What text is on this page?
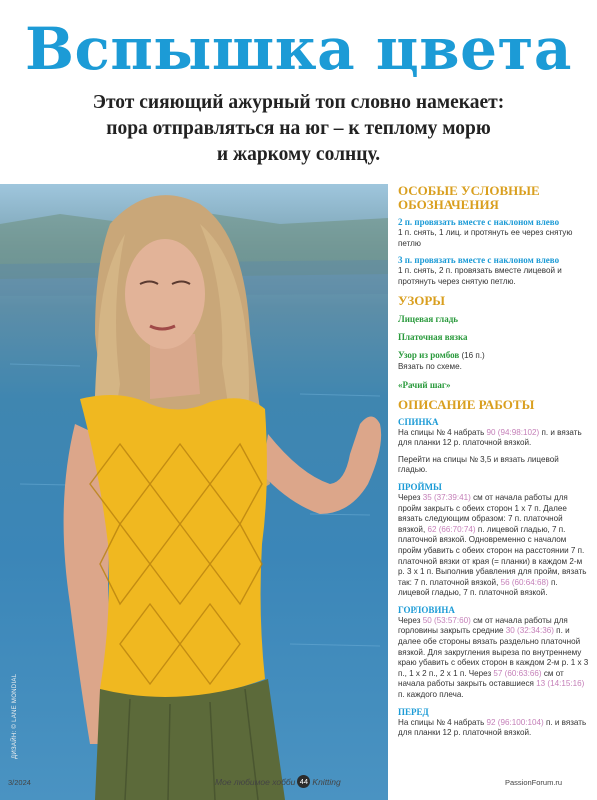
Вспышка цвета

Этот сияющий ажурный топ словно намекает:
пора отправляться на юг – к теплому морю
и жаркому солнцу.

ДИЗАЙН: © LANE MONDIAL

ОСОБЫЕ УСЛОВНЫЕ
ОБОЗНАЧЕНИЯ

2 п. провязать вместе с наклоном влево

1 п. снять, 1 лиц. и протянуть ее через снятую петлю

3 п. провязать вместе с наклоном влево

1 п. снять, 2 п. провязать вместе лицевой и протянуть через снятую петлю.

УЗОРЫ

Лицевая гладь

Платочная вязка

Узор из ромбов (16 п.)

Вязать по схеме.

«Рачий шаг»

ОПИСАНИЕ РАБОТЫ

СПИНКА

На спицы № 4 набрать 90 (94:98:102) п. и вязать для планки 12 р. платочной вязкой.

Перейти на спицы № 3,5 и вязать лицевой гладью.

ПРОЙМЫ

Через 35 (37:39:41) см от начала работы для пройм закрыть с обеих сторон 1 х 7 п. Далее вязать следующим образом: 7 п. платочной вязкой, 62 (66:70:74) п. лицевой гладью, 7 п. платочной вязкой. Одновременно с началом пройм убавить с обеих сторон на расстоянии 7 п. платочной вязки от края (= планки) в каждом 2-м р. 3 х 1 п. Выполнив убавления для пройм, вязать так: 7 п. платочной вязкой, 56 (60:64:68) п. лицевой гладью, 7 п. платочной вязкой.

ГОРЛОВИНА

Через 50 (53:57:60) см от начала работы для горловины закрыть средние 30 (32:34:36) п. и далее обе стороны вязать раздельно платочной вязкой. Для закругления выреза по внутреннему краю убавить с обеих сторон в каждом 2-м р. 1 х 3 п., 1 х 2 п., 2 х 1 п. Через 57 (60:63:66) см от начала работы закрыть оставшиеся 13 (14:15:16) п. каждого плеча.

ПЕРЕД

На спицы № 4 набрать 92 (96:100:104) п. и вязать для планки 12 р. платочной вязкой.

3/2024	Мое любимое хобби 44 Knitting	PassionForum.ru
